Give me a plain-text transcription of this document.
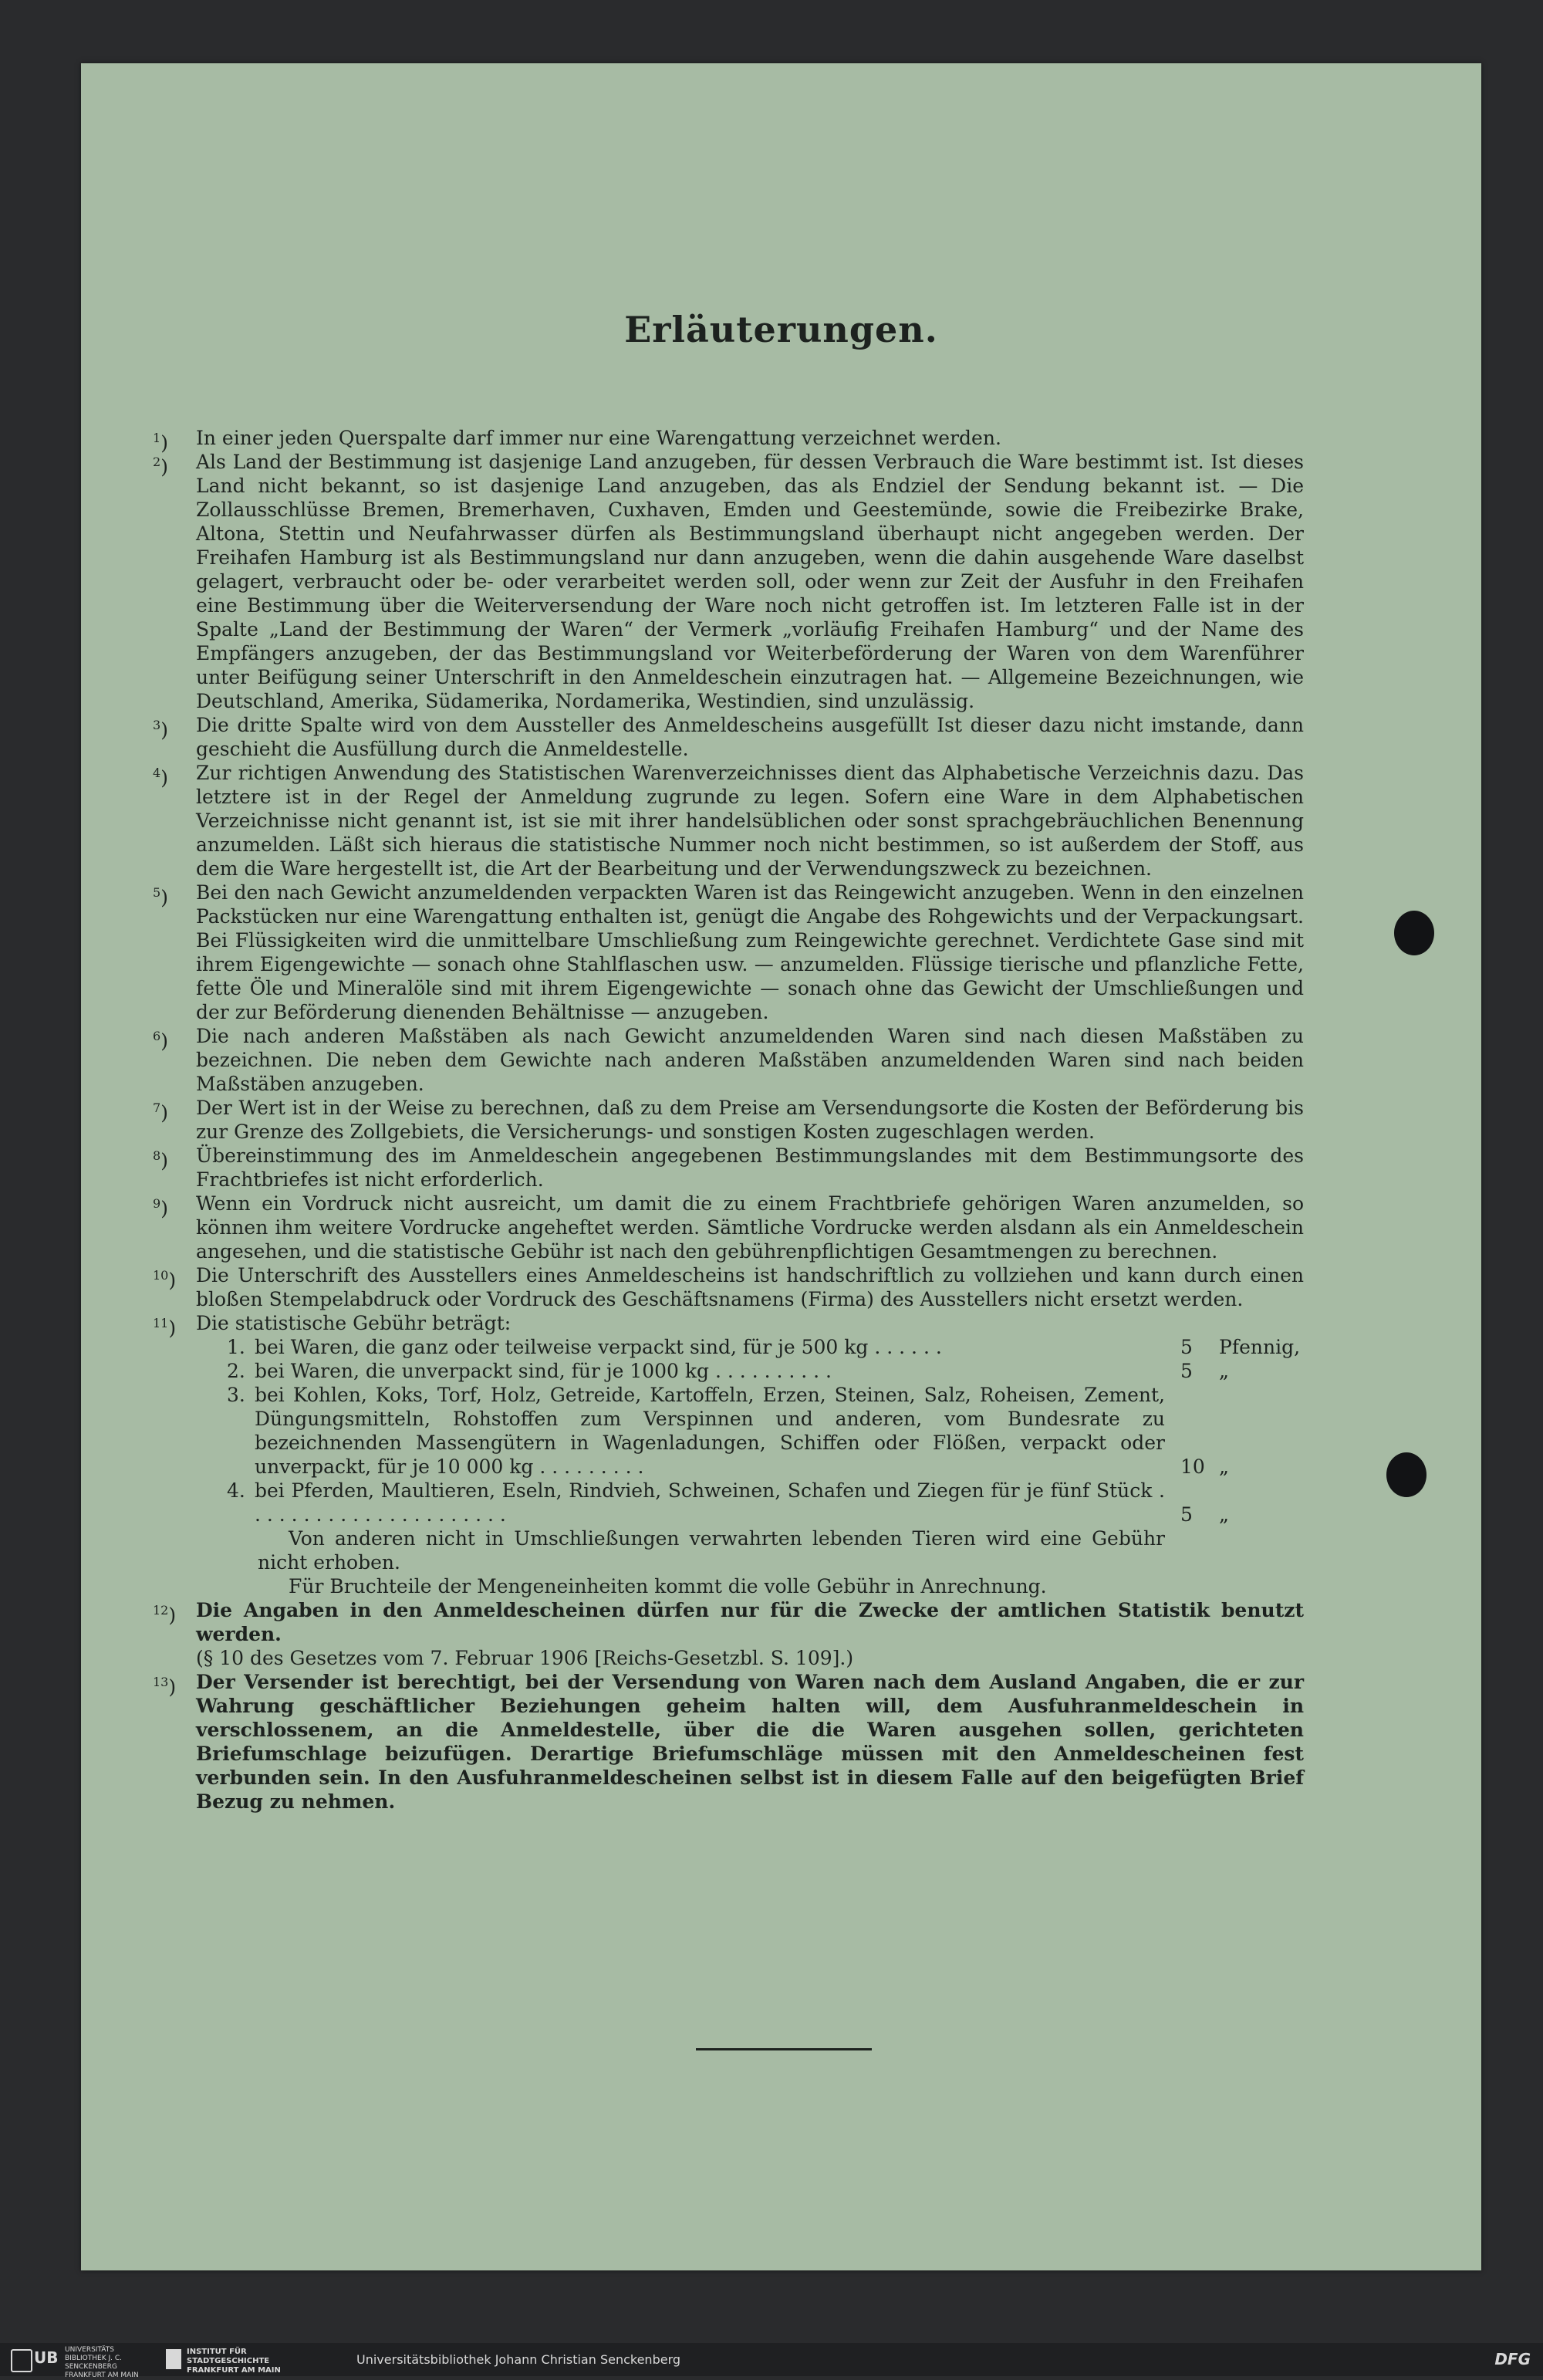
Erläuterungen.

$^1$) In einer jeden Querspalte darf immer nur eine Warengattung verzeichnet werden.

$^2$) Als Land der Bestimmung ist dasjenige Land anzugeben, für dessen Verbrauch die Ware bestimmt ist. Ist dieses Land nicht bekannt, so ist dasjenige Land anzugeben, das als Endziel der Sendung bekannt ist. — Die Zollausschlüsse Bremen, Bremerhaven, Cuxhaven, Emden und Geestemünde, sowie die Freibezirke Brake, Altona, Stettin und Neufahrwasser dürfen als Bestimmungsland überhaupt nicht angegeben werden. Der Freihafen Hamburg ist als Bestimmungsland nur dann anzugeben, wenn die dahin ausgehende Ware daselbst gelagert, verbraucht oder be- oder verarbeitet werden soll, oder wenn zur Zeit der Ausfuhr in den Freihafen eine Bestimmung über die Weiterversendung der Ware noch nicht getroffen ist. Im letzteren Falle ist in der Spalte „Land der Bestimmung der Waren“ der Vermerk „vorläufig Freihafen Hamburg“ und der Name des Empfängers anzugeben, der das Bestimmungsland vor Weiterbeförderung der Waren von dem Warenführer unter Beifügung seiner Unterschrift in den Anmeldeschein einzutragen hat. — Allgemeine Bezeichnungen, wie Deutschland, Amerika, Südamerika, Nordamerika, Westindien, sind unzulässig.

$^3$) Die dritte Spalte wird von dem Aussteller des Anmeldescheins ausgefüllt Ist dieser dazu nicht imstande, dann geschieht die Ausfüllung durch die Anmeldestelle.

$^4$) Zur richtigen Anwendung des Statistischen Warenverzeichnisses dient das Alphabetische Verzeichnis dazu. Das letztere ist in der Regel der Anmeldung zugrunde zu legen. Sofern eine Ware in dem Alphabetischen Verzeichnisse nicht genannt ist, ist sie mit ihrer handelsüblichen oder sonst sprachgebräuchlichen Benennung anzumelden. Läßt sich hieraus die statistische Nummer noch nicht bestimmen, so ist außerdem der Stoff, aus dem die Ware hergestellt ist, die Art der Bearbeitung und der Verwendungszweck zu bezeichnen.

$^5$) Bei den nach Gewicht anzumeldenden verpackten Waren ist das Reingewicht anzugeben. Wenn in den einzelnen Packstücken nur eine Warengattung enthalten ist, genügt die Angabe des Rohgewichts und der Verpackungsart. Bei Flüssigkeiten wird die unmittelbare Umschließung zum Reingewichte gerechnet. Verdichtete Gase sind mit ihrem Eigengewichte — sonach ohne Stahlflaschen usw. — anzumelden. Flüssige tierische und pflanzliche Fette, fette Öle und Mineralöle sind mit ihrem Eigengewichte — sonach ohne das Gewicht der Umschließungen und der zur Beförderung dienenden Behältnisse — anzugeben.

$^6$) Die nach anderen Maßstäben als nach Gewicht anzumeldenden Waren sind nach diesen Maßstäben zu bezeichnen. Die neben dem Gewichte nach anderen Maßstäben anzumeldenden Waren sind nach beiden Maßstäben anzugeben.

$^7$) Der Wert ist in der Weise zu berechnen, daß zu dem Preise am Versendungsorte die Kosten der Beförderung bis zur Grenze des Zollgebiets, die Versicherungs- und sonstigen Kosten zugeschlagen werden.

$^8$) Übereinstimmung des im Anmeldeschein angegebenen Bestimmungslandes mit dem Bestimmungsorte des Frachtbriefes ist nicht erforderlich.

$^9$) Wenn ein Vordruck nicht ausreicht, um damit die zu einem Frachtbriefe gehörigen Waren anzumelden, so können ihm weitere Vordrucke angeheftet werden. Sämtliche Vordrucke werden alsdann als ein Anmeldeschein angesehen, und die statistische Gebühr ist nach den gebührenpflichtigen Gesamtmengen zu berechnen.

$^{10}$) Die Unterschrift des Ausstellers eines Anmeldescheins ist handschriftlich zu vollziehen und kann durch einen bloßen Stempelabdruck oder Vordruck des Geschäftsnamens (Firma) des Ausstellers nicht ersetzt werden.

$^{11}$) Die statistische Gebühr beträgt:
1. bei Waren, die ganz oder teilweise verpackt sind, für je 500 kg . . . . . .	5	Pfennig,
2. bei Waren, die unverpackt sind, für je 1000 kg . . . . . . . . . .	5	„
3. bei Kohlen, Koks, Torf, Holz, Getreide, Kartoffeln, Erzen, Steinen, Salz, Roheisen, Zement, Düngungsmitteln, Rohstoffen zum Verspinnen und anderen, vom Bundesrate zu bezeichnenden Massengütern in Wagenladungen, Schiffen oder Flößen, verpackt oder unverpackt, für je 10 000 kg . . . . . . . . .	10 „
4. bei Pferden, Maultieren, Eseln, Rindvieh, Schweinen, Schafen und Ziegen für je fünf Stück . . . . . . . . . . . . . . . . . . . . . .	5	„
Von anderen nicht in Umschließungen verwahrten lebenden Tieren wird eine Gebühr nicht erhoben.
Für Bruchteile der Mengeneinheiten kommt die volle Gebühr in Anrechnung.
$^{12}$) Die Angaben in den Anmeldescheinen dürfen nur für die Zwecke der amtlichen Statistik benutzt werden.
(§ 10 des Gesetzes vom 7. Februar 1906 [Reichs-Gesetzbl. S. 109].)
$^{13}$) Der Versender ist berechtigt, bei der Versendung von Waren nach dem Ausland Angaben, die er zur Wahrung geschäftlicher Beziehungen geheim halten will, dem Ausfuhranmeldeschein in verschlossenem, an die Anmeldestelle, über die die Waren ausgehen sollen, gerichteten Briefumschlage beizufügen. Derartige Briefumschläge müssen mit den Anmeldescheinen fest verbunden sein. In den Ausfuhranmeldescheinen selbst ist in diesem Falle auf den beigefügten Brief Bezug zu nehmen.
UB UNIVERSITÄTS BIBLIOTHEK J. C. SENCKENBERG FRANKFURT AM MAIN
INSTITUT FÜR STADTGESCHICHTE FRANKFURT AM MAIN
Universitätsbibliothek Johann Christian Senckenberg	DFG
